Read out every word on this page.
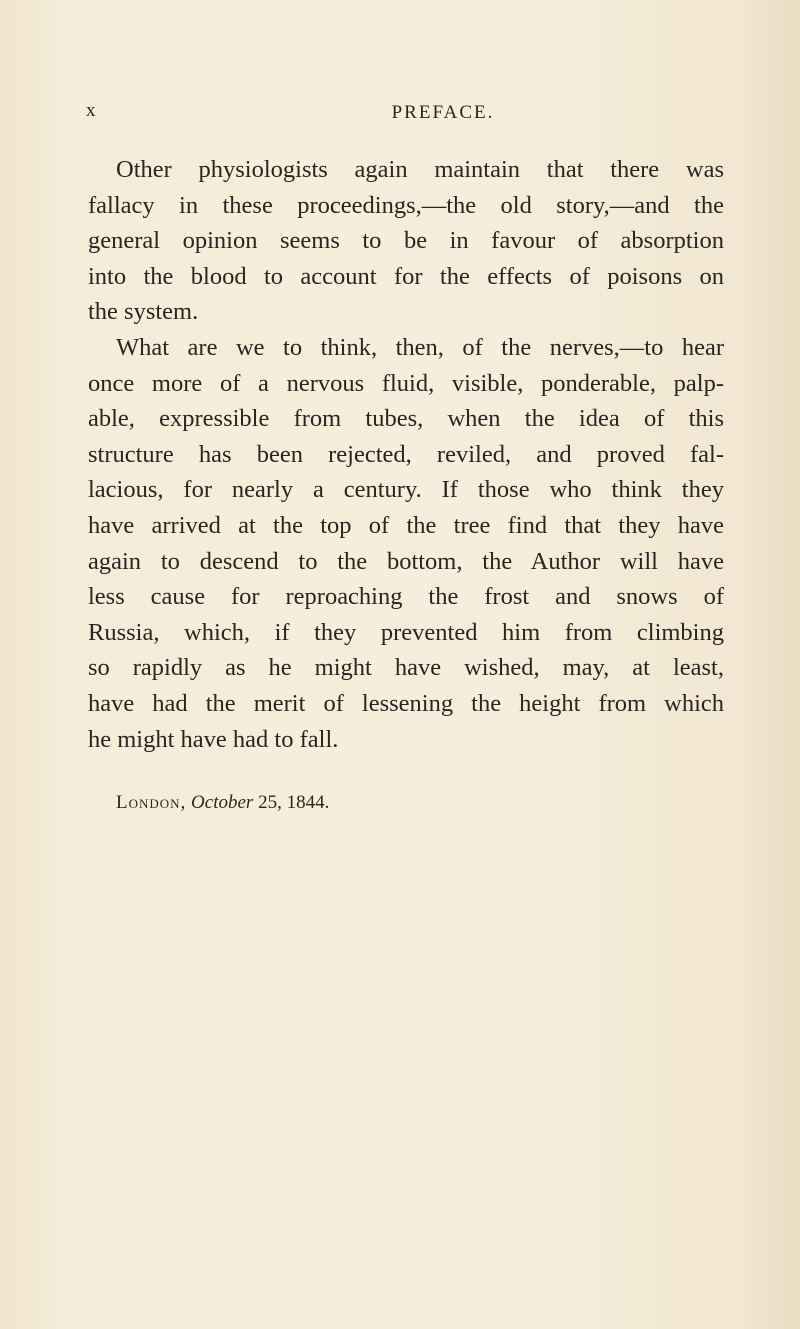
x	PREFACE.
Other physiologists again maintain that there was
fallacy in these proceedings,—the old story,—and the
general opinion seems to be in favour of absorption
into the blood to account for the effects of poisons on
the system.
What are we to think, then, of the nerves,—to hear
once more of a nervous fluid, visible, ponderable, palp-
able, expressible from tubes, when the idea of this
structure has been rejected, reviled, and proved fal-
lacious, for nearly a century. If those who think they
have arrived at the top of the tree find that they have
again to descend to the bottom, the Author will have
less cause for reproaching the frost and snows of
Russia, which, if they prevented him from climbing
so rapidly as he might have wished, may, at least,
have had the merit of lessening the height from which
he might have had to fall.
London, October 25, 1844.
